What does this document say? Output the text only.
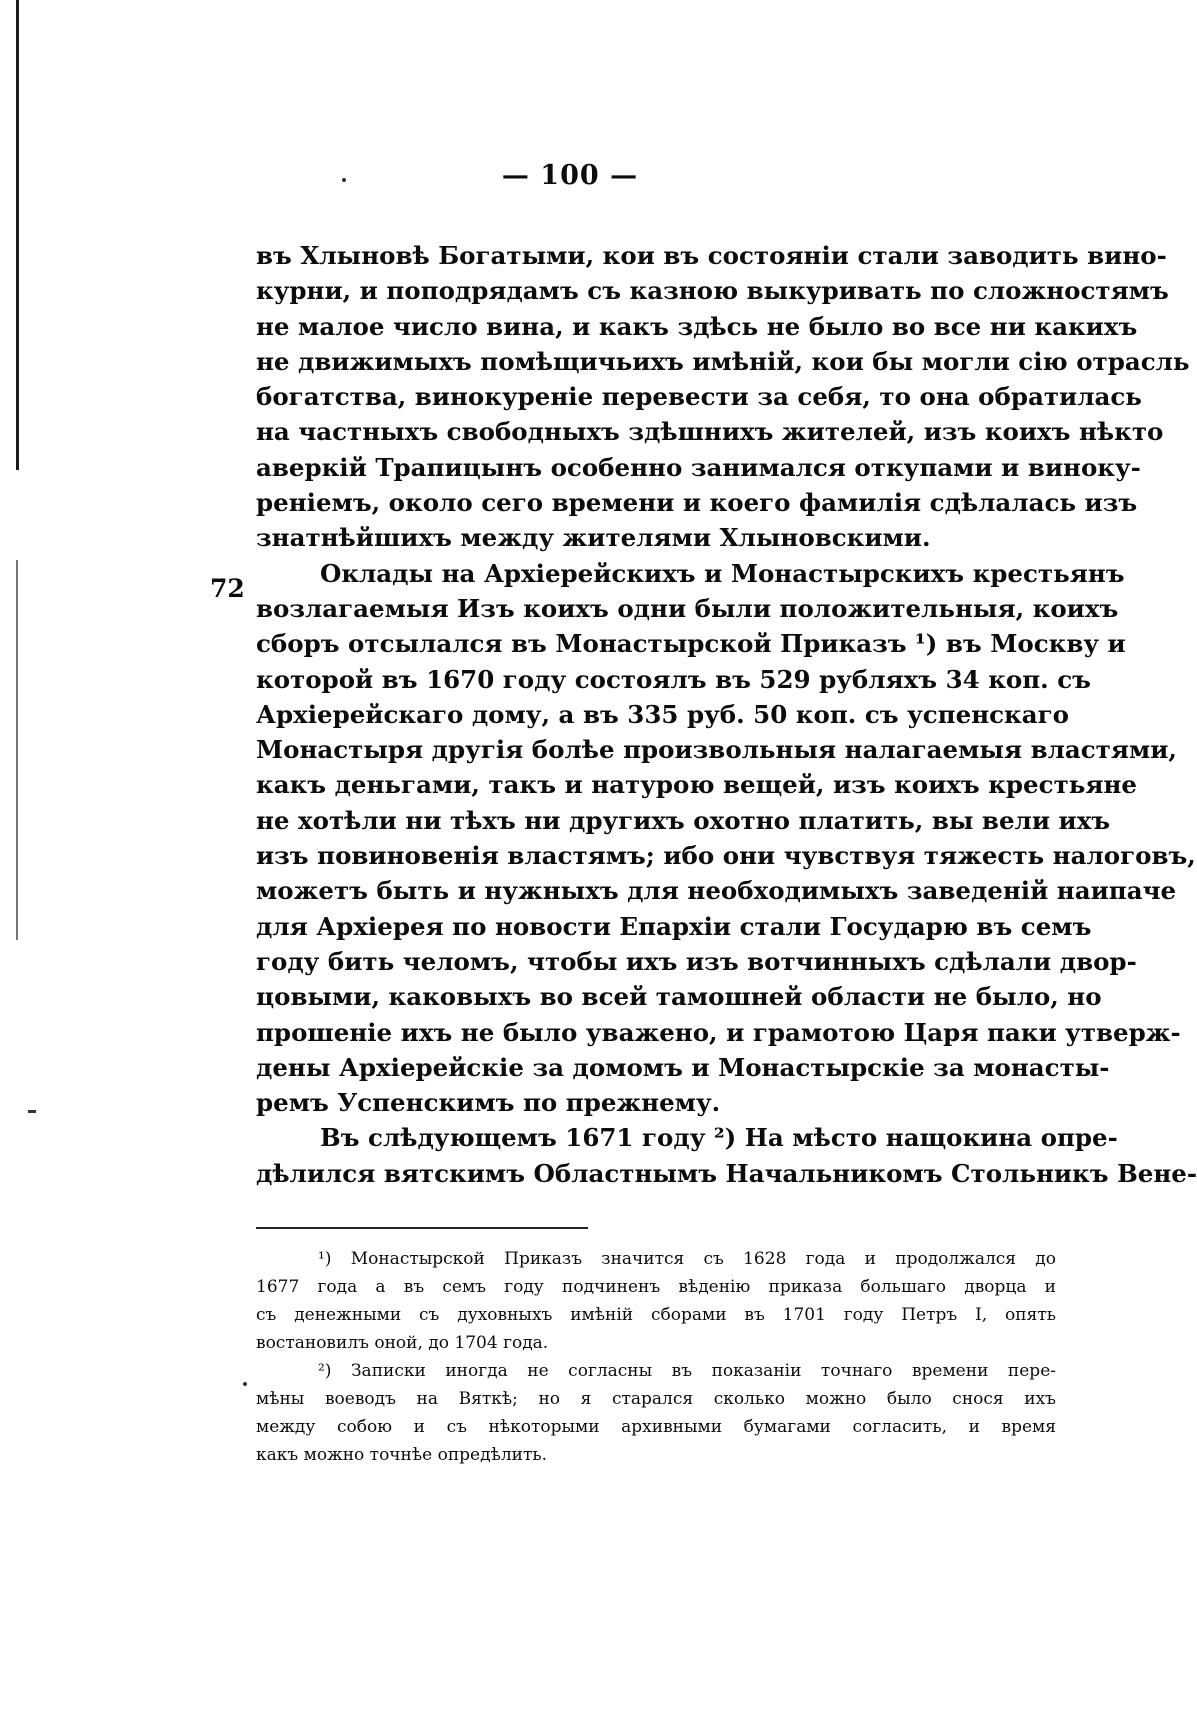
— 100 —
72
въ Хлыновѣ Богатыми, кои въ состояніи стали заводить вино-
курни, и поподрядамъ съ казною выкуривать по сложностямъ
не малое число вина, и какъ здѣсь не было во все ни какихъ
не движимыхъ помѣщичьихъ имѣній, кои бы могли сію отрасль
богатства, винокуреніе перевести за себя, то она обратилась
на частныхъ свободныхъ здѣшнихъ жителей, изъ коихъ нѣкто
аверкій Трапицынъ особенно занимался откупами и винoку-
реніемъ, около сего времени и коего фамилія сдѣлалась изъ
знатнѣйшихъ между жителями Хлыновскими.
Оклады на Архіерейскихъ и Монастырскихъ крестьянъ
возлагаемыя Изъ коихъ одни были положительныя, коихъ
сборъ отсылался въ Монастырской Приказъ ¹) въ Москву и
которой въ 1670 году состоялъ въ 529 рубляхъ 34 коп. съ
Архіерейскаго дому, а въ 335 руб. 50 коп. съ успенскаго
Монастыря другія болѣе произвольныя налагаемыя властями,
какъ деньгами, такъ и натурою вещей, изъ коихъ крестьяне
не хотѣли ни тѣхъ ни другихъ охотно платить, вы вели ихъ
изъ повиновенія властямъ; ибо они чувствуя тяжесть налоговъ,
можетъ быть и нужныхъ для необходимыхъ заведеній наипаче
для Архіерея по новости Епархіи стали Государю въ семъ
году бить челомъ, чтобы ихъ изъ вотчинныхъ сдѣлали двор-
цовыми, каковыхъ во всей тамошней области не было, но
прошеніе ихъ не было уважено, и грамотою Царя паки утверж-
дены Архіерейскіе за домомъ и Монастырскіе за монасты-
ремъ Успенскимъ по прежнему.
Въ слѣдующемъ 1671 году ²) На мѣсто нащокина опре-
дѣлился вятскимъ Областнымъ Начальникомъ Стольникъ Вене-
¹) Монастырской Приказъ значится съ 1628 года и продолжался до
1677 года а въ семъ году подчиненъ вѣденію приказа большаго дворца и
съ денежными съ духовныхъ имѣній сборами въ 1701 году Петръ I, опять
востановилъ оной, до 1704 года.
²) Записки иногда не согласны въ показаніи точнаго времени пере-
мѣны воеводъ на Вяткѣ; но я старался сколько можно было снося ихъ
между собою и съ нѣкоторыми архивными бумагами согласить, и время
какъ можно точнѣе опредѣлить.
